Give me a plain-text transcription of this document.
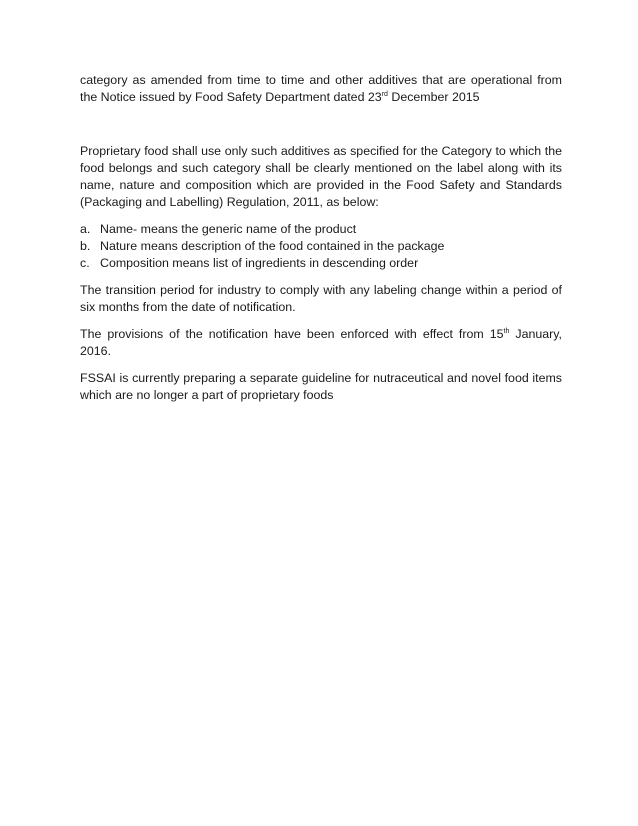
category as amended from time to time and other additives that are operational from the Notice issued by Food Safety Department dated 23rd December 2015

Proprietary food shall use only such additives as specified for the Category to which the food belongs and such category shall be clearly mentioned on the label along with its name, nature and composition which are provided in the Food Safety and Standards (Packaging and Labelling) Regulation, 2011, as below:

a. Name- means the generic name of the product
b. Nature means description of the food contained in the package
c. Composition means list of ingredients in descending order

The transition period for industry to comply with any labeling change within a period of six months from the date of notification.

The provisions of the notification have been enforced with effect from 15th January, 2016.

FSSAI is currently preparing a separate guideline for nutraceutical and novel food items which are no longer a part of proprietary foods
